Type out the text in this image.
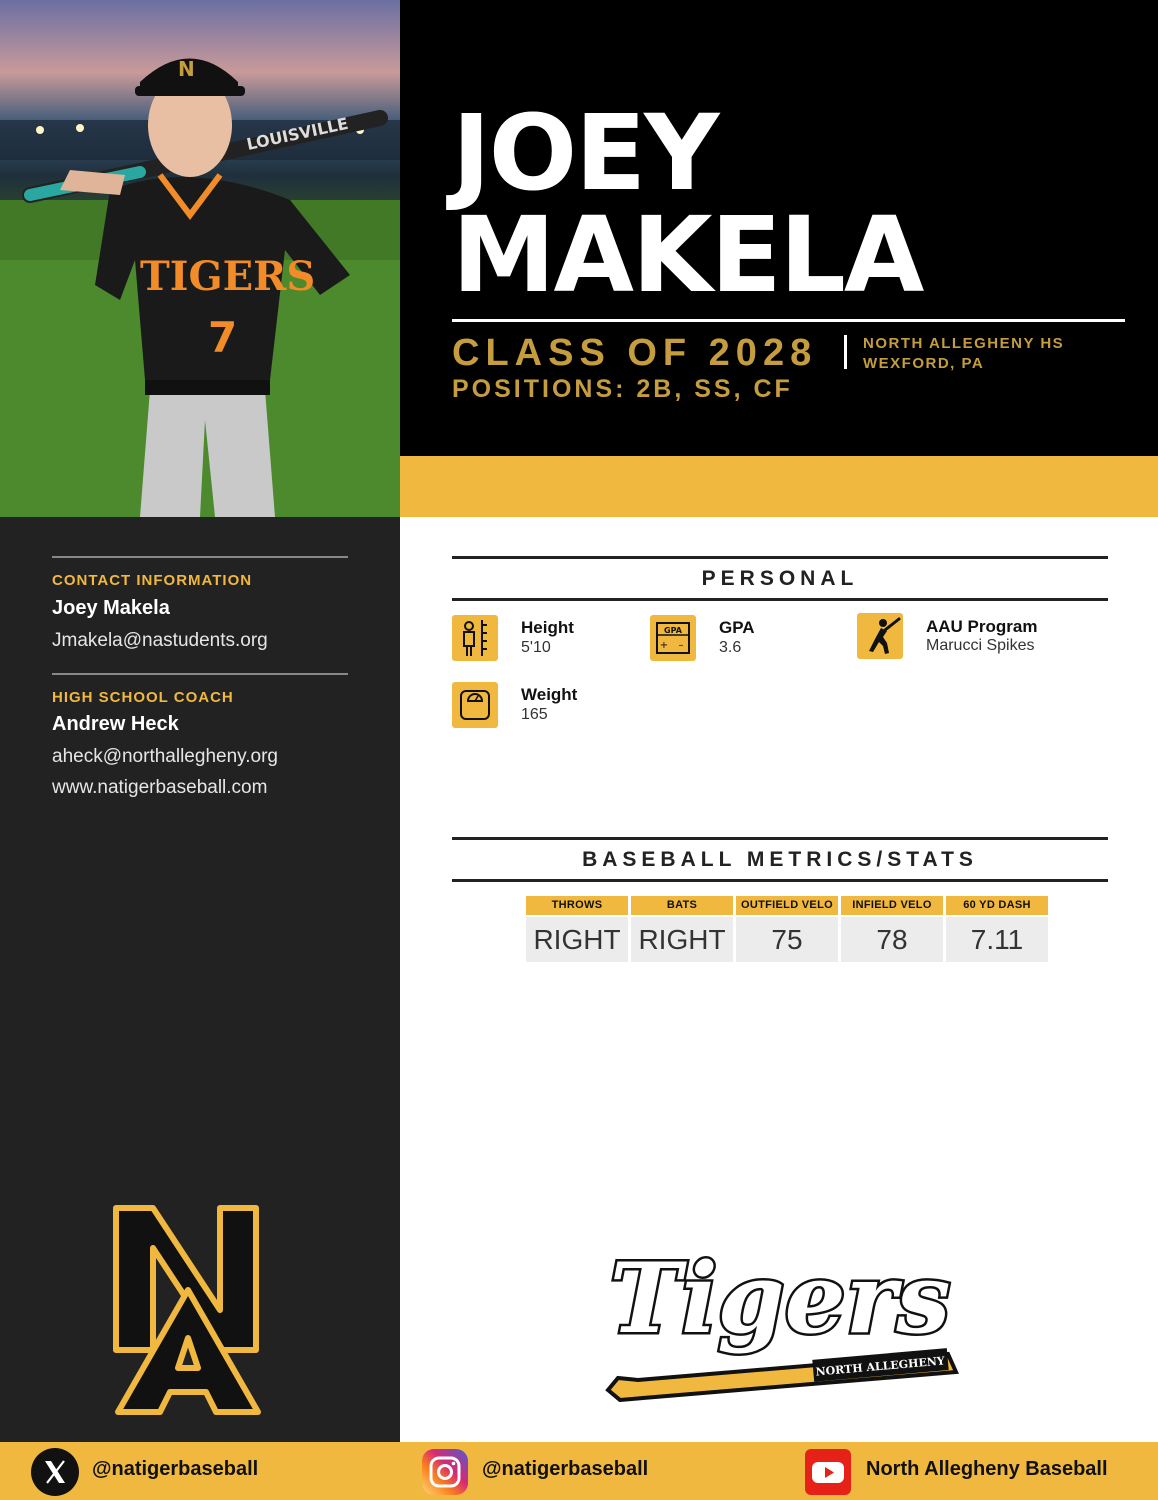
LOUISVILLE
TIGERS
7
N
JOEY
MAKELA
CLASS OF 2028
POSITIONS: 2B, SS, CF
NORTH ALLEGHENY HS
WEXFORD, PA
CONTACT INFORMATION
Joey Makela
Jmakela@nastudents.org
HIGH SCHOOL COACH
Andrew Heck
aheck@northallegheny.org
www.natigerbaseball.com
PERSONAL
Height
5'10
GPA
+ –
GPA
3.6
AAU Program
Marucci Spikes
Weight
165
BASEBALL METRICS/STATS
THROWS
RIGHT
BATS
RIGHT
OUTFIELD VELO
75
INFIELD VELO
78
60 YD DASH
7.11
Tigers
NORTH ALLEGHENY
@natigerbaseball	@natigerbaseball	North Allegheny Baseball
